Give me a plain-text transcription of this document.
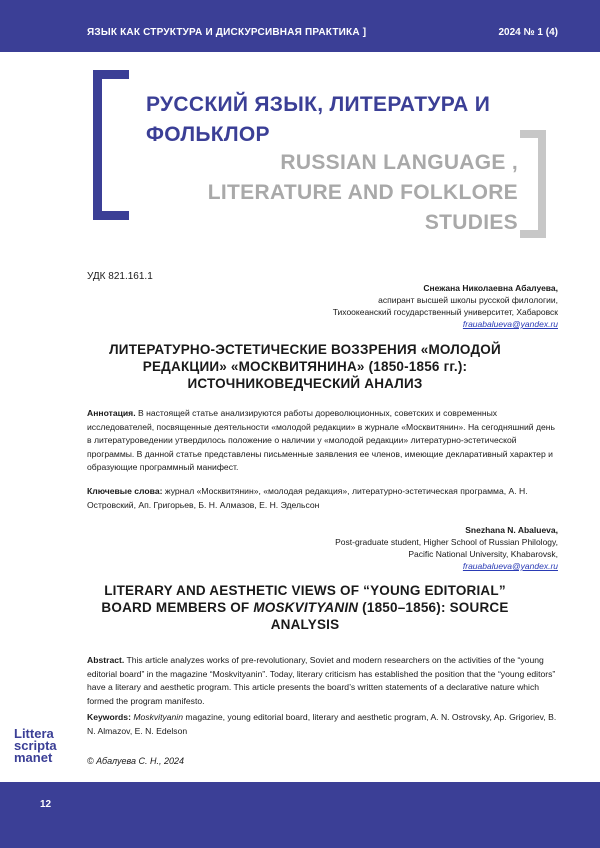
ЯЗЫК КАК СТРУКТУРА И ДИСКУРСИВНАЯ ПРАКТИКА ]	2024 № 1 (4)
РУССКИЙ ЯЗЫК, ЛИТЕРАТУРА И
ФОЛЬКЛОР
RUSSIAN LANGUAGE ,
LITERATURE AND FOLKLORE
STUDIES
УДК 821.161.1
Снежана Николаевна Абалуева,
аспирант высшей школы русской филологии,
Тихоокеанский государственный университет, Хабаровск
frauabalueva@yandex.ru
ЛИТЕРАТУРНО-ЭСТЕТИЧЕСКИЕ ВОЗЗРЕНИЯ «МОЛОДОЙ
РЕДАКЦИИ» «МОСКВИТЯНИНА» (1850-1856 гг.):
ИСТОЧНИКОВЕДЧЕСКИЙ АНАЛИЗ
Аннотация. В настоящей статье анализируются работы дореволюционных, советских и современных исследователей, посвященные деятельности «молодой редакции» в журнале «Москвитянин». На сегодняшний день в литературоведении утвердилось положение о наличии у «молодой редакции» литературно-эстетической программы. В данной статье представлены письменные заявления ее членов, имеющие декларативный характер и образующие программный манифест.
Ключевые слова: журнал «Москвитянин», «молодая редакция», литературно-эстетическая программа, А. Н. Островский, Ап. Григорьев, Б. Н. Алмазов, Е. Н. Эдельсон
Snezhana N. Abalueva,
Post-graduate student, Higher School of Russian Philology,
Pacific National University, Khabarovsk,
frauabalueva@yandex.ru
LITERARY AND AESTHETIC VIEWS OF “YOUNG EDITORIAL”
BOARD MEMBERS OF MOSKVITYANIN (1850–1856): SOURCE
ANALYSIS
Abstract. This article analyzes works of pre-revolutionary, Soviet and modern researchers on the activities of the “young editorial board” in the magazine “Moskvityanin”. Today, literary criticism has established the position that the “young editors” have a literary and aesthetic program. This article presents the board’s written statements of a declarative nature which formed the program manifesto.
Keywords: Moskvityanin magazine, young editorial board, literary and aesthetic program, A. N. Ostrovsky, Ap. Grigoriev, B. N. Almazov, E. N. Edelson
Littera
scripta
manet	© Абалуева С. Н., 2024
12
